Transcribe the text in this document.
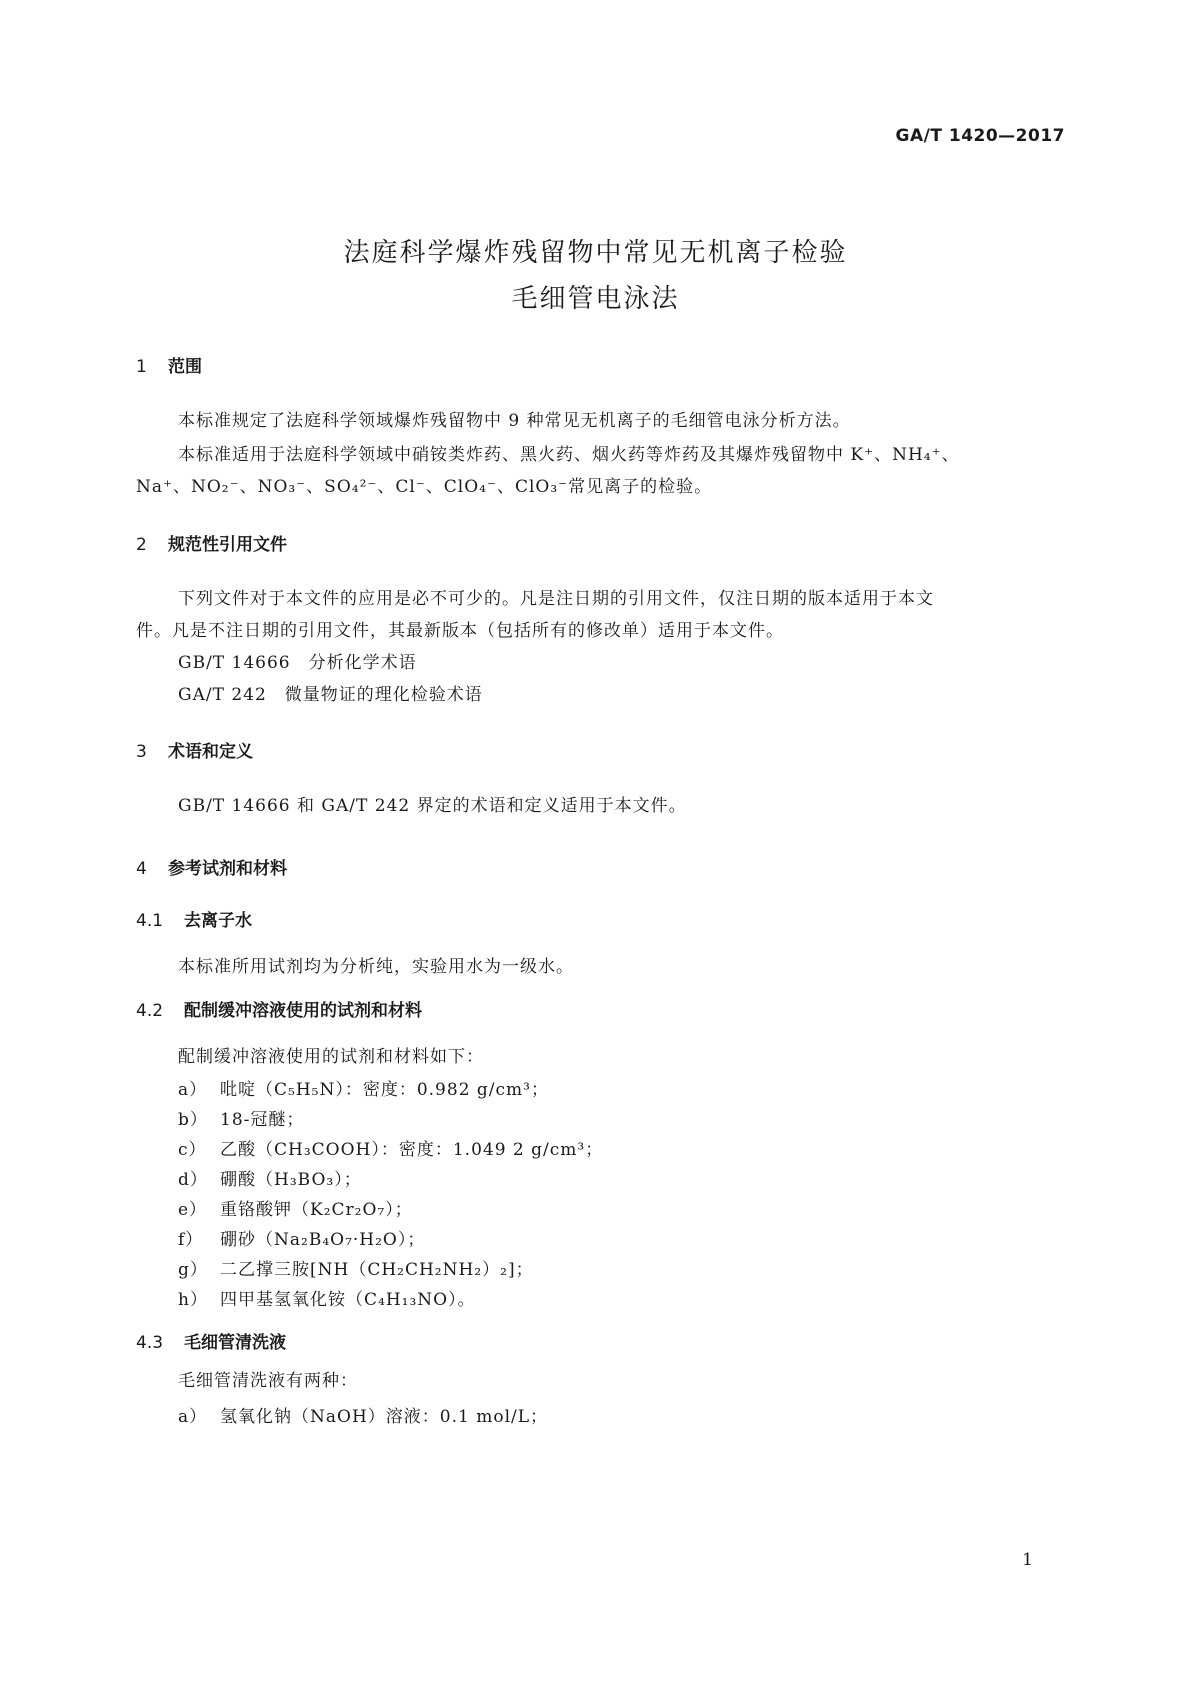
GA/T 1420—2017
法庭科学爆炸残留物中常见无机离子检验
毛细管电泳法
1 范围
本标准规定了法庭科学领域爆炸残留物中 9 种常见无机离子的毛细管电泳分析方法。
本标准适用于法庭科学领域中硝铵类炸药、黑火药、烟火药等炸药及其爆炸残留物中 K⁺、NH₄⁺、
Na⁺、NO₂⁻、NO₃⁻、SO₄²⁻、Cl⁻、ClO₄⁻、ClO₃⁻常见离子的检验。
2 规范性引用文件
下列文件对于本文件的应用是必不可少的。凡是注日期的引用文件，仅注日期的版本适用于本文
件。凡是不注日期的引用文件，其最新版本（包括所有的修改单）适用于本文件。
GB/T 14666　分析化学术语
GA/T 242　微量物证的理化检验术语
3 术语和定义
GB/T 14666 和 GA/T 242 界定的术语和定义适用于本文件。
4 参考试剂和材料
4.1 去离子水
本标准所用试剂均为分析纯，实验用水为一级水。
4.2 配制缓冲溶液使用的试剂和材料
配制缓冲溶液使用的试剂和材料如下：
a） 吡啶（C₅H₅N）：密度：0.982 g/cm³；
b） 18-冠醚；
c） 乙酸（CH₃COOH）：密度：1.049 2 g/cm³；
d） 硼酸（H₃BO₃）；
e） 重铬酸钾（K₂Cr₂O₇）；
f） 硼砂（Na₂B₄O₇·H₂O）；
g） 二乙撑三胺[NH（CH₂CH₂NH₂）₂]；
h） 四甲基氢氧化铵（C₄H₁₃NO）。
4.3 毛细管清洗液
毛细管清洗液有两种：
a） 氢氧化钠（NaOH）溶液：0.1 mol/L；
1
